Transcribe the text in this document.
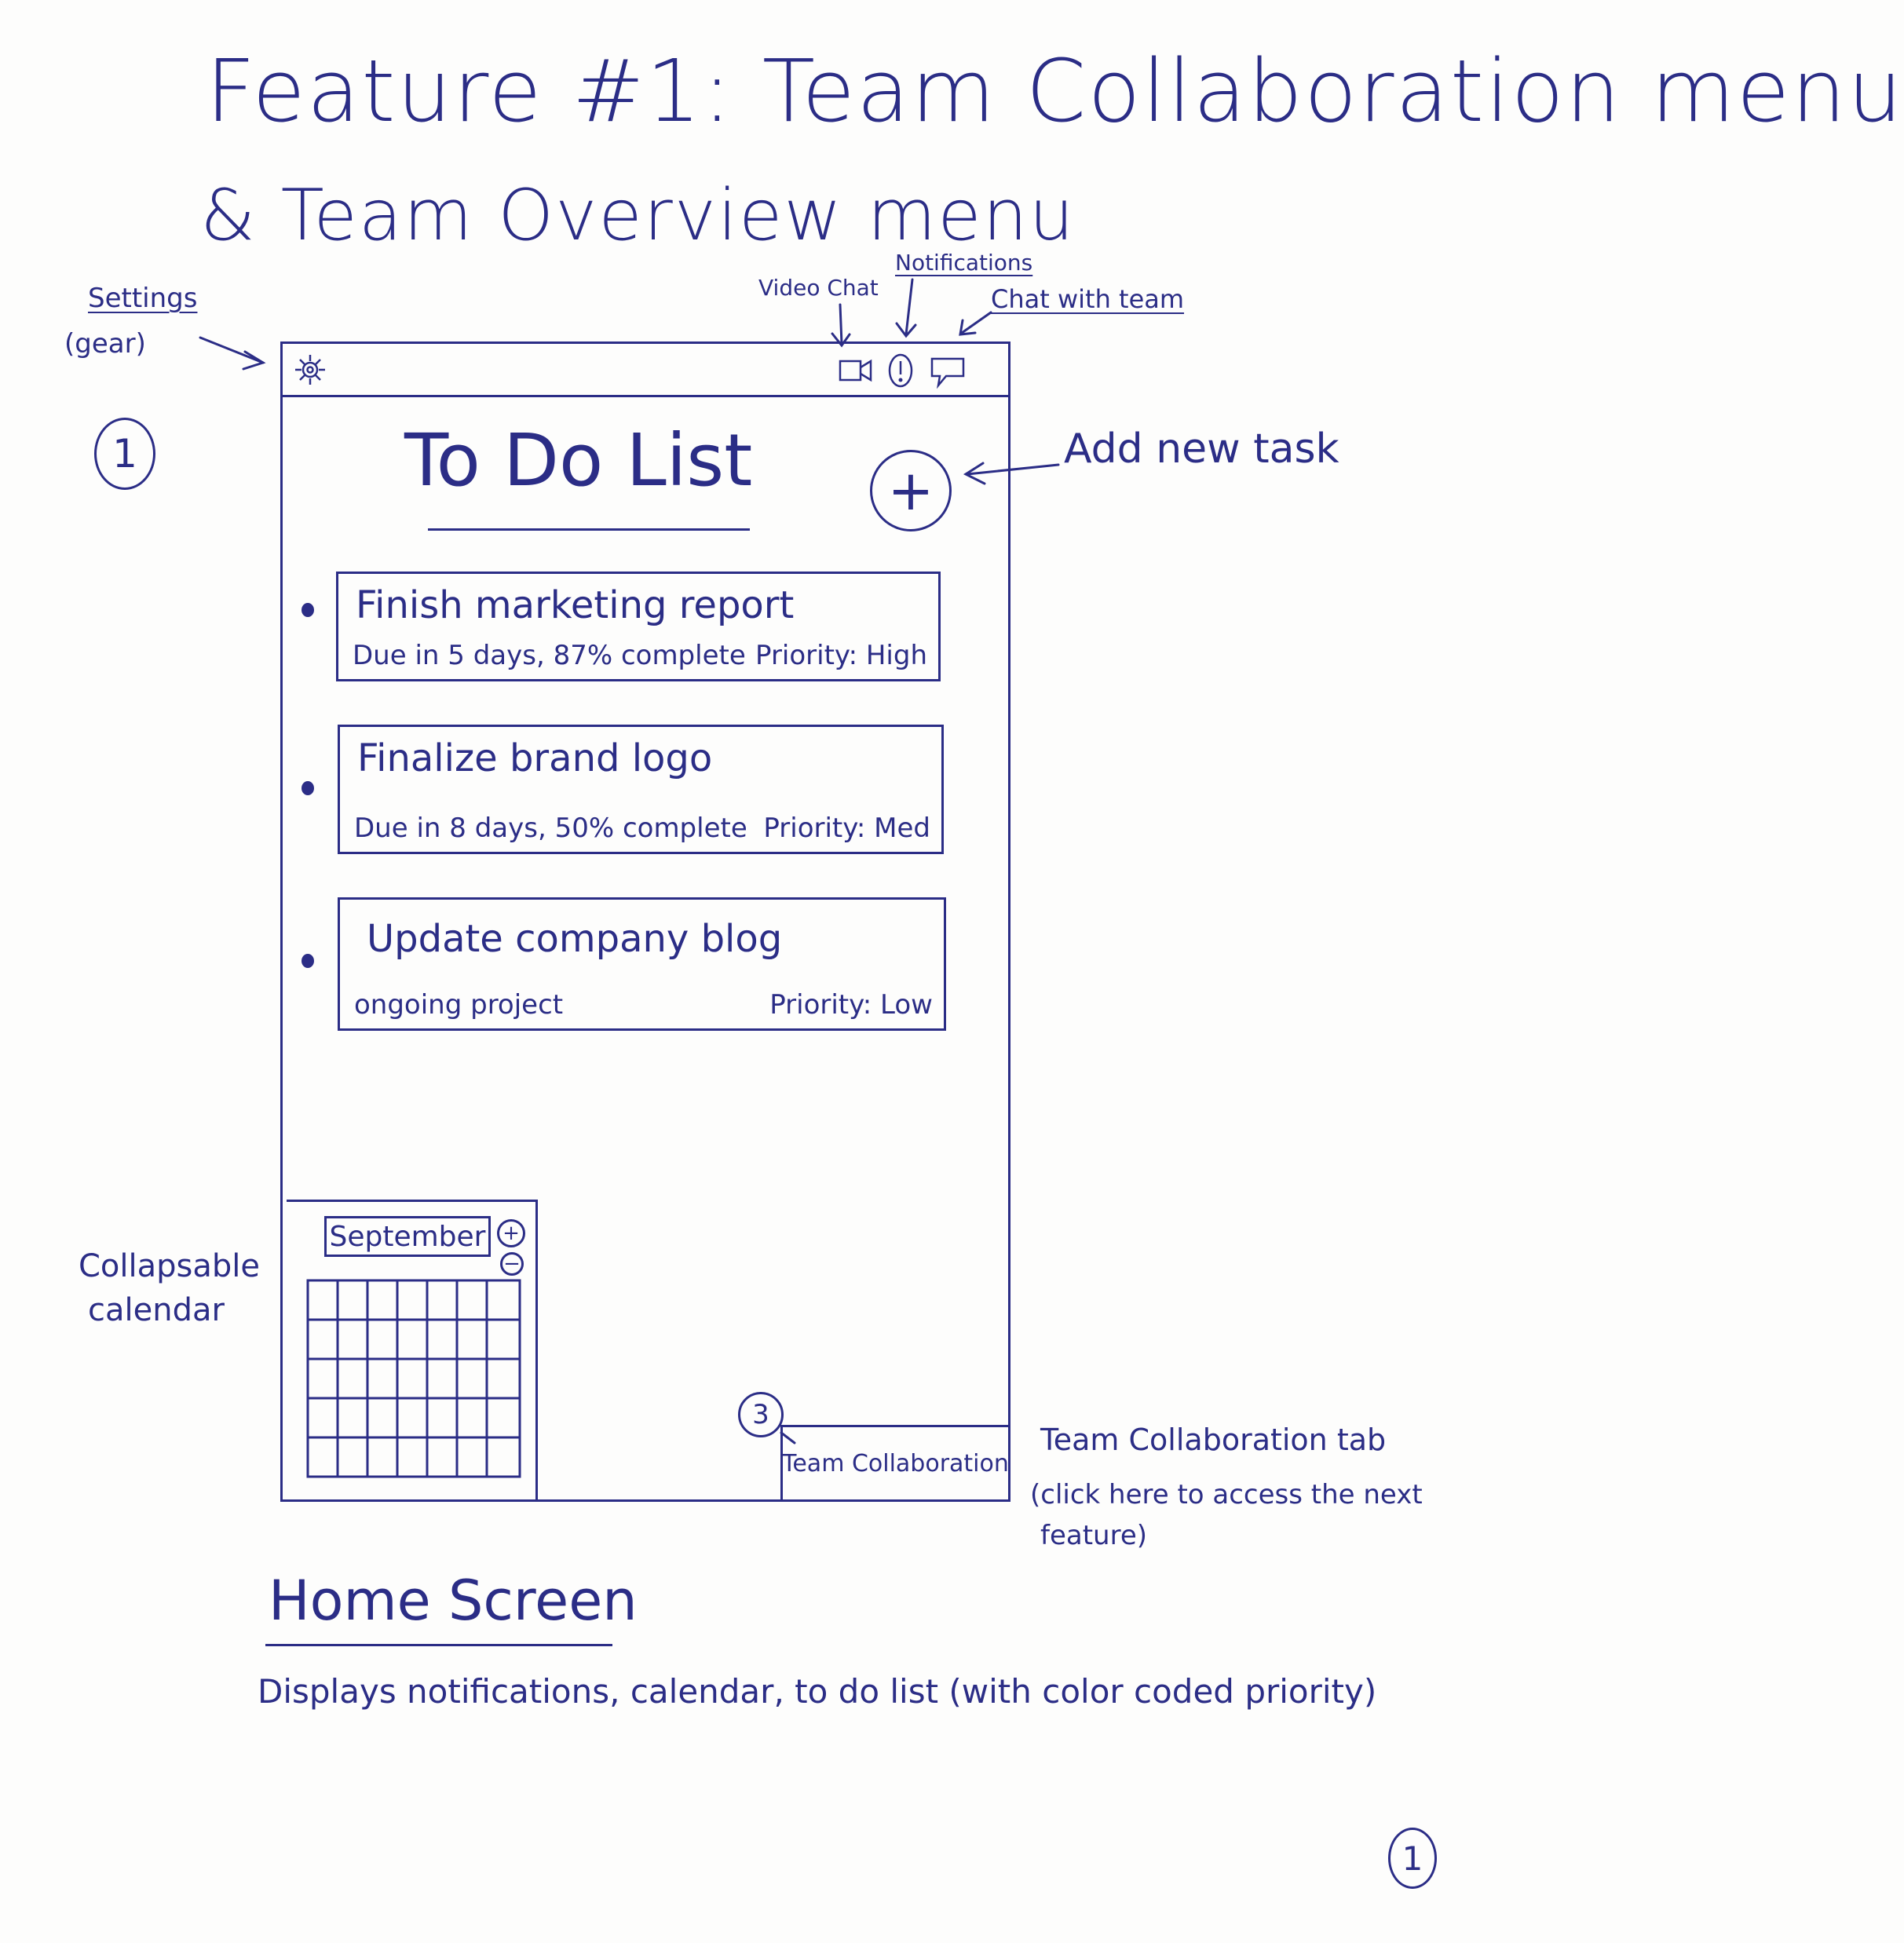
Feature #1: Team Collaboration menu
& Team Overview menu
Settings
(gear)
1
Video Chat
Notifications
Chat with team
Add new task
Collapsable
calendar
Team Collaboration tab
(click here to access the next
feature)
To Do List +
Finish marketing report
Due in 5 days, 87% complete Priority: High
Finalize brand logo
Due in 8 days, 50% complete Priority: Med
Update company blog
ongoing project	Priority: Low
September +
−
3
Team Collaboration
Home Screen
Displays notifications, calendar, to do list (with color coded priority)
1
